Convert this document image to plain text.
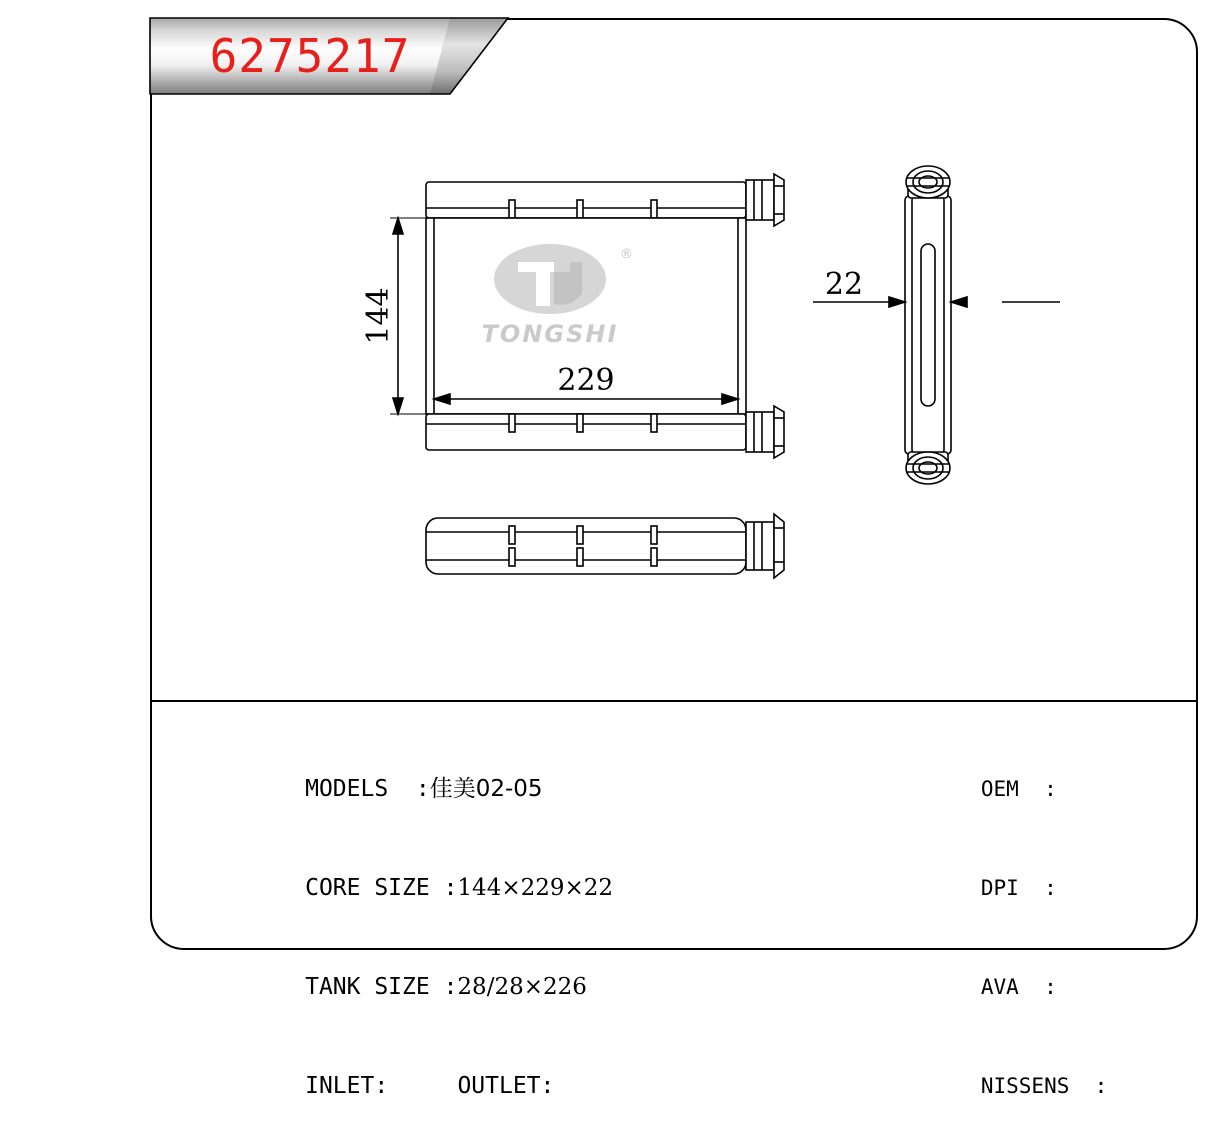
6275217
®
TONGSHI
144
229
22

MODELS  :佳美02-05

CORE SIZE :144×229×22

TANK SIZE :28/28×226

INLET:	OUTLET:

OEM  :

DPI  :

AVA  :

NISSENS  :
